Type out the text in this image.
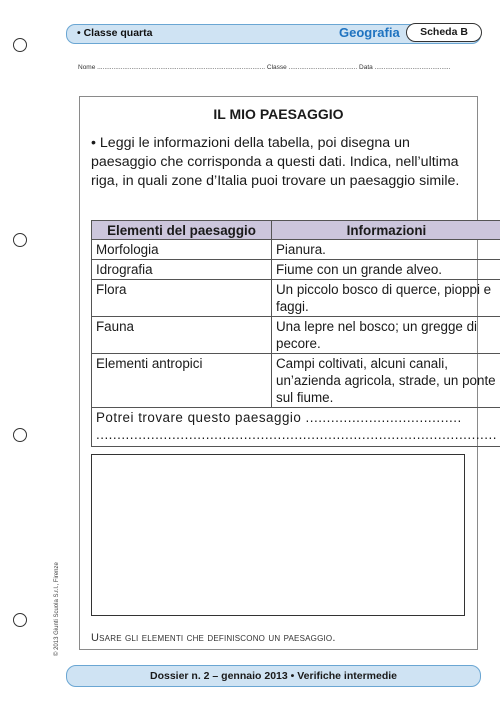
• Classe quarta	Geografia	Scheda B
Nome ............................................................................................. Classe ...................................... Data ..........................................
IL MIO PAESAGGIO
• Leggi le informazioni della tabella, poi disegna un paesaggio che corrisponda a questi dati. Indica, nell’ultima riga, in quali zone d’Italia puoi trovare un paesaggio simile.
Elementi del paesaggio	Informazioni
Morfologia	Pianura.
Idrografia	Fiume con un grande alveo.
Flora	Un piccolo bosco di querce, pioppi e faggi.
Fauna	Una lepre nel bosco; un gregge di pecore.
Elementi antropici	Campi coltivati, alcuni canali, un’azienda agricola, strade, un ponte sul fiume.

Potrei trovare questo paesaggio .....................................
...............................................................................................	
Usare gli elementi che definiscono un paesaggio.
© 2013 Giunti Scuola S.r.l., Firenze
Dossier n. 2 – gennaio 2013 • Verifiche intermedie
